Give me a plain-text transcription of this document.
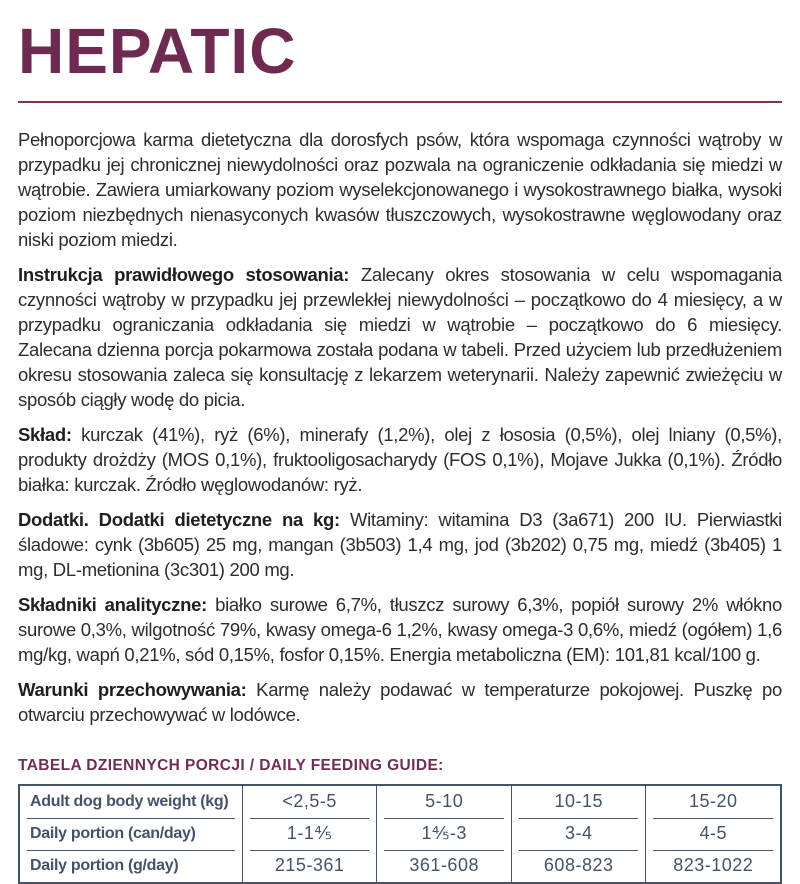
HEPATIC

Pełnoporcjowa karma dietetyczna dla dorosfych psów, która wspomaga czynności wątroby w przypadku jej chronicznej niewydolności oraz pozwala na ograniczenie odkładania się miedzi w wątrobie. Zawiera umiarkowany poziom wyselekcjonowanego i wysokostrawnego białka, wysoki poziom niezbędnych nienasyconych kwasów tłuszczowych, wysokostrawne węglowodany oraz niski poziom miedzi.

Instrukcja prawidłowego stosowania: Zalecany okres stosowania w celu wspomagania czynności wątroby w przypadku jej przewlekłej niewydolności – początkowo do 4 miesięcy, a w przypadku ograniczania odkładania się miedzi w wątrobie – początkowo do 6 miesięcy. Zalecana dzienna porcja pokarmowa została podana w tabeli. Przed użyciem lub przedłużeniem okresu stosowania zaleca się konsultację z lekarzem weterynarii. Należy zapewnić zwieżęciu w sposób ciągły wodę do picia.

Skład: kurczak (41%), ryż (6%), minerafy (1,2%), olej z łososia (0,5%), olej lniany (0,5%), produkty drożdży (MOS 0,1%), fruktooligosacharydy (FOS 0,1%), Mojave Jukka (0,1%). Źródło białka: kurczak. Źródło węglowodanów: ryż.

Dodatki. Dodatki dietetyczne na kg: Witaminy: witamina D3 (3a671) 200 IU. Pierwiastki śladowe: cynk (3b605) 25 mg, mangan (3b503) 1,4 mg, jod (3b202) 0,75 mg, miedź (3b405) 1 mg, DL-metionina (3c301) 200 mg.

Składniki analityczne: białko surowe 6,7%, tłuszcz surowy 6,3%, popiół surowy 2% włókno surowe 0,3%, wilgotność 79%, kwasy omega-6 1,2%, kwasy omega-3 0,6%, miedź (ogółem) 1,6 mg/kg, wapń 0,21%, sód 0,15%, fosfor 0,15%. Energia metaboliczna (EM): 101,81 kcal/100 g.

Warunki przechowywania: Karmę należy podawać w temperaturze pokojowej. Puszkę po otwarciu przechowywać w lodówce.

TABELA DZIENNYCH PORCJI / DAILY FEEDING GUIDE:
Adult dog body weight (kg)	<2,5-5	5-10	10-15	15-20
Daily portion (can/day)	1-1⅘	1⅘-3	3-4	4-5
Daily portion (g/day)	215-361	361-608	608-823	823-1022
